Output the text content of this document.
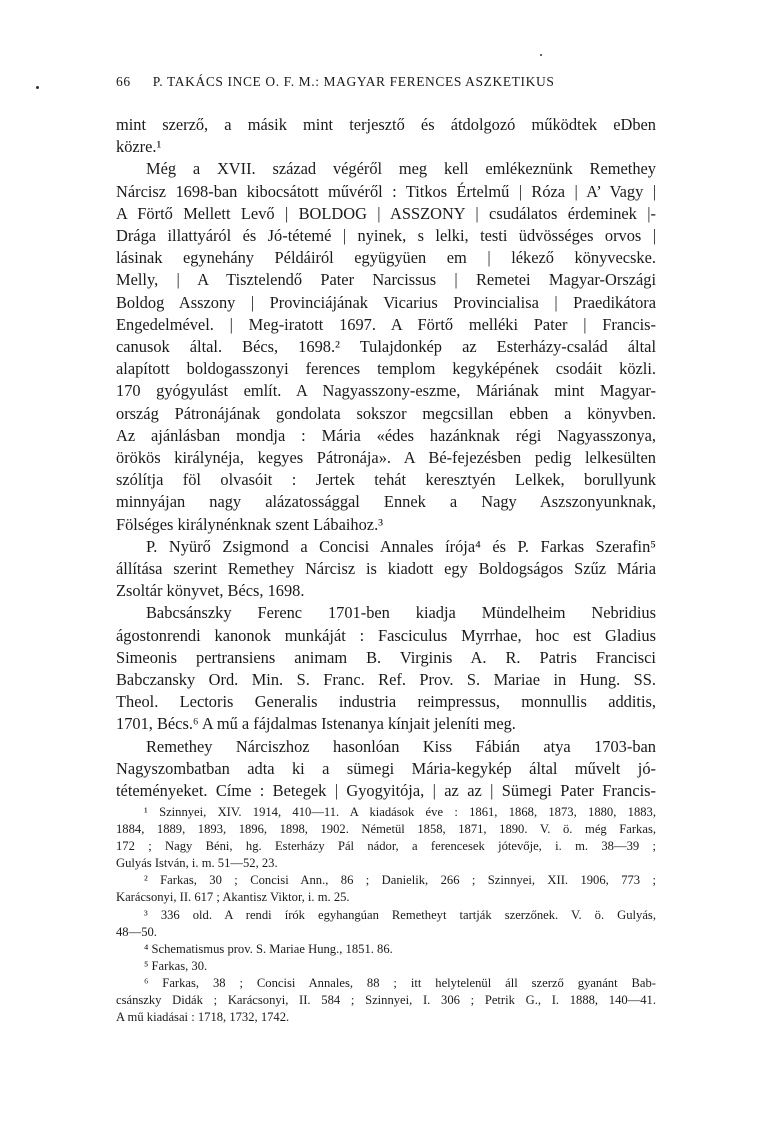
66 P. TAKÁCS INCE O. F. M.: MAGYAR FERENCES ASZKETIKUS
mint szerző, a másik mint terjesztő és átdolgozó működtek eDben
közre.¹
Még a XVII. század végéről meg kell emlékeznünk Remethey
Nárcisz 1698-ban kibocsátott művéről : Titkos Értelmű | Róza | A’ Vagy |
A Förtő Mellett Levő | BOLDOG | ASSZONY | csudálatos érdeminek |-
Drága illattyáról és Jó-tétemé | nyinek, s lelki, testi üdvösséges orvos |
lásinak egynehány Példáiról együgyüen em | lékező könyvecske.
Melly, | A Tisztelendő Pater Narcissus | Remetei Magyar-Országi
Boldog Asszony | Provinciájának Vicarius Provincialisa | Praedikátora
Engedelmével. | Meg-iratott 1697. A Förtő melléki Pater | Francis-
canusok által. Bécs, 1698.² Tulajdonkép az Esterházy-család által
alapított boldogasszonyi ferences templom kegyképének csodáit közli.
170 gyógyulást említ. A Nagyasszony-eszme, Máriának mint Magyar-
ország Pátronájának gondolata sokszor megcsillan ebben a könyvben.
Az ajánlásban mondja : Mária «édes hazánknak régi Nagyasszonya,
örökös királynéja, kegyes Pátronája». A Bé-fejezésben pedig lelkesülten
szólítja föl olvasóit : Jertek tehát keresztyén Lelkek, borullyunk
minnyájan nagy alázatossággal Ennek a Nagy Aszszonyunknak,
Fölséges királynénknak szent Lábaihoz.³
P. Nyürő Zsigmond a Concisi Annales írója⁴ és P. Farkas Szerafin⁵
állítása szerint Remethey Nárcisz is kiadott egy Boldogságos Szűz Mária
Zsoltár könyvet, Bécs, 1698.
Babcsánszky Ferenc 1701-ben kiadja Mündelheim Nebridius
ágostonrendi kanonok munkáját : Fasciculus Myrrhae, hoc est Gladius
Simeonis pertransiens animam B. Virginis A. R. Patris Francisci
Babczansky Ord. Min. S. Franc. Ref. Prov. S. Mariae in Hung. SS.
Theol. Lectoris Generalis industria reimpressus, monnullis additis,
1701, Bécs.⁶ A mű a fájdalmas Istenanya kínjait jeleníti meg.
Remethey Nárciszhoz hasonlóan Kiss Fábián atya 1703-ban
Nagyszombatban adta ki a sümegi Mária-kegykép által művelt jó-
téteményeket. Címe : Betegek | Gyogyitója, | az az | Sümegi Pater Francis-
¹ Szinnyei, XIV. 1914, 410—11. A kiadások éve : 1861, 1868, 1873, 1880, 1883,
1884, 1889, 1893, 1896, 1898, 1902. Németül 1858, 1871, 1890. V. ö. még Farkas,
172 ; Nagy Béni, hg. Esterházy Pál nádor, a ferencesek jótevője, i. m. 38—39 ;
Gulyás István, i. m. 51—52, 23.
² Farkas, 30 ; Concisi Ann., 86 ; Danielik, 266 ; Szinnyei, XII. 1906, 773 ;
Karácsonyi, II. 617 ; Akantisz Viktor, i. m. 25.
³ 336 old. A rendi írók egyhangúan Remetheyt tartják szerzőnek. V. ö. Gulyás,
48—50.
⁴ Schematismus prov. S. Mariae Hung., 1851. 86.
⁵ Farkas, 30.
⁶ Farkas, 38 ; Concisi Annales, 88 ; itt helytelenül áll szerző gyanánt Bab-
csánszky Didák ; Karácsonyi, II. 584 ; Szinnyei, I. 306 ; Petrik G., I. 1888, 140—41.
A mű kiadásai : 1718, 1732, 1742.
